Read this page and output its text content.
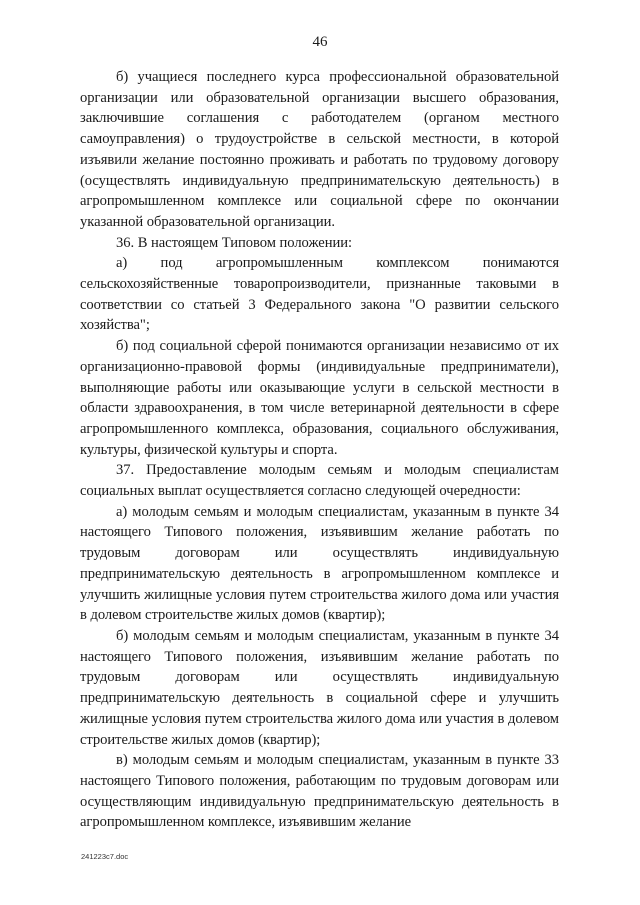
46

б) учащиеся последнего курса профессиональной образовательной организации или образовательной организации высшего образования, заключившие соглашения с работодателем (органом местного самоуправления) о трудоустройстве в сельской местности, в которой изъявили желание постоянно проживать и работать по трудовому договору (осуществлять индивидуальную предпринимательскую деятельность) в агропромышленном комплексе или социальной сфере по окончании указанной образовательной организации.

36. В настоящем Типовом положении:

а) под агропромышленным комплексом понимаются сельскохозяйственные товаропроизводители, признанные таковыми в соответствии со статьей 3 Федерального закона "О развитии сельского хозяйства";

б) под социальной сферой понимаются организации независимо от их организационно-правовой формы (индивидуальные предприниматели), выполняющие работы или оказывающие услуги в сельской местности в области здравоохранения, в том числе ветеринарной деятельности в сфере агропромышленного комплекса, образования, социального обслуживания, культуры, физической культуры и спорта.

37. Предоставление молодым семьям и молодым специалистам социальных выплат осуществляется согласно следующей очередности:

а) молодым семьям и молодым специалистам, указанным в пункте 34 настоящего Типового положения, изъявившим желание работать по трудовым договорам или осуществлять индивидуальную предпринимательскую деятельность в агропромышленном комплексе и улучшить жилищные условия путем строительства жилого дома или участия в долевом строительстве жилых домов (квартир);

б) молодым семьям и молодым специалистам, указанным в пункте 34 настоящего Типового положения, изъявившим желание работать по трудовым договорам или осуществлять индивидуальную предпринимательскую деятельность в социальной сфере и улучшить жилищные условия путем строительства жилого дома или участия в долевом строительстве жилых домов (квартир);

в) молодым семьям и молодым специалистам, указанным в пункте 33 настоящего Типового положения, работающим по трудовым договорам или осуществляющим индивидуальную предпринимательскую деятельность в агропромышленном комплексе, изъявившим желание

241223c7.doc
